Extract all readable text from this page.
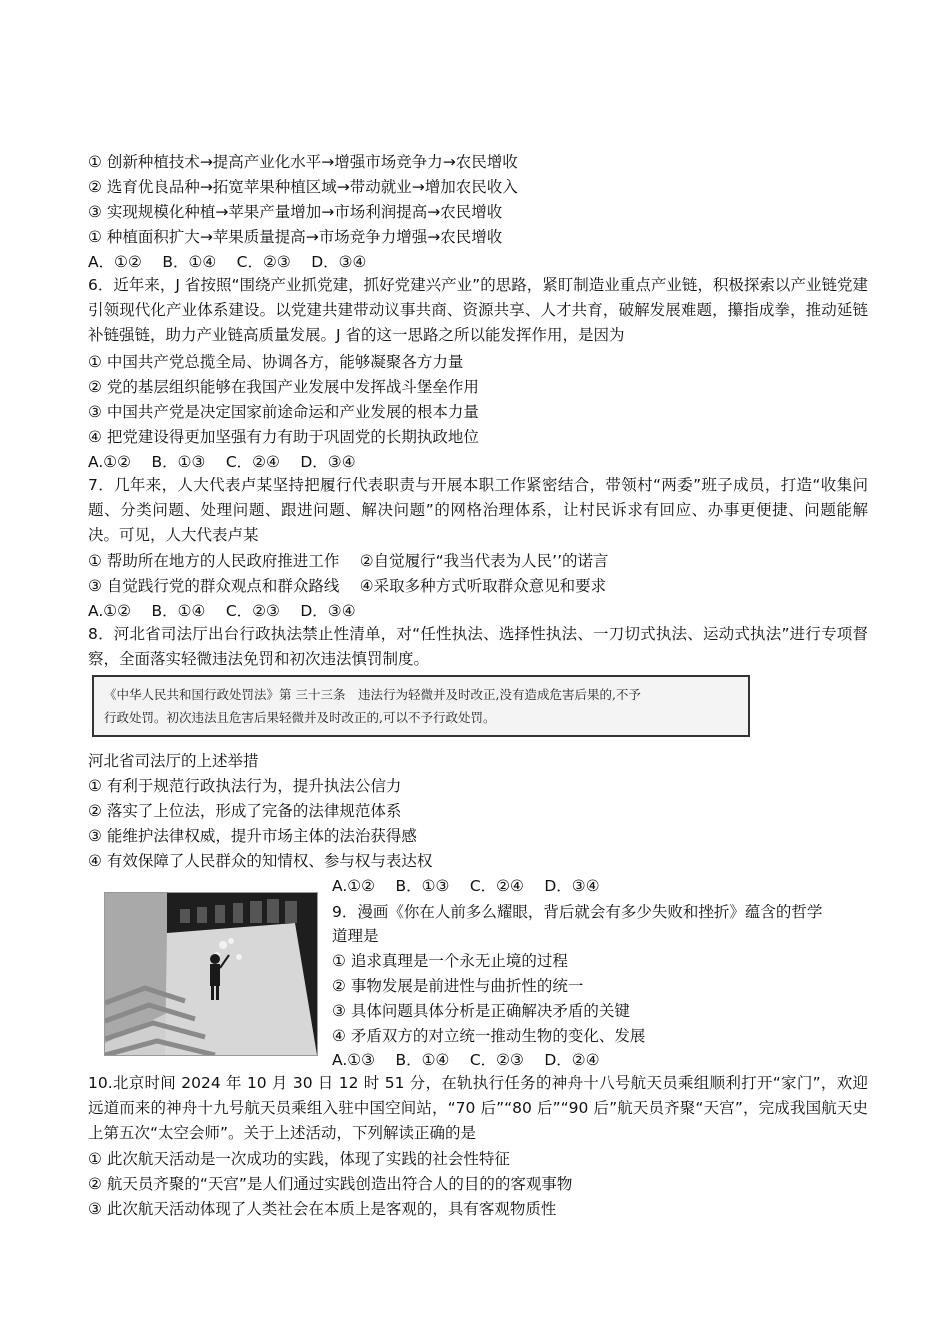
① 创新种植技术→提高产业化水平→增强市场竞争力→农民增收
② 选育优良品种→拓宽苹果种植区域→带动就业→增加农民收入
③ 实现规模化种植→苹果产量增加→市场利润提高→农民增收
① 种植面积扩大→苹果质量提高→市场竞争力增强→农民增收
A．①②　 B．①④　 C．②③　 D．③④
6．近年来，J 省按照“围绕产业抓党建，抓好党建兴产业”的思路，紧盯制造业重点产业链，积极探索以产业链党建引领现代化产业体系建设。以党建共建带动议事共商、资源共享、人才共育，破解发展难题，攥指成拳，推动延链补链强链，助力产业链高质量发展。J 省的这一思路之所以能发挥作用，是因为
① 中国共产党总揽全局、协调各方，能够凝聚各方力量
② 党的基层组织能够在我国产业发展中发挥战斗堡垒作用
③ 中国共产党是决定国家前途命运和产业发展的根本力量
④ 把党建设得更加坚强有力有助于巩固党的长期执政地位
A.①②　 B．①③　 C．②④　 D．③④
7．几年来，人大代表卢某坚持把履行代表职责与开展本职工作紧密结合，带领村“两委”班子成员，打造“收集问题、分类问题、处理问题、跟进问题、解决问题”的网格治理体系，让村民诉求有回应、办事更便捷、问题能解决。可见，人大代表卢某
① 帮助所在地方的人民政府推进工作　 ②自觉履行“我当代表为人民’’的诺言
③ 自觉践行党的群众观点和群众路线　 ④采取多种方式听取群众意见和要求
A.①②　 B．①④　 C．②③　 D．③④
8．河北省司法厅出台行政执法禁止性清单，对“任性执法、选择性执法、一刀切式执法、运动式执法”进行专项督察，全面落实轻微违法免罚和初次违法慎罚制度。
《中华人民共和国行政处罚法》第 三十三条　违法行为轻微并及时改正,没有造成危害后果的,不予
行政处罚。初次违法且危害后果轻微并及时改正的,可以不予行政处罚。
河北省司法厅的上述举措
① 有利于规范行政执法行为，提升执法公信力
② 落实了上位法，形成了完备的法律规范体系
③ 能维护法律权威，提升市场主体的法治获得感
④ 有效保障了人民群众的知情权、参与权与表达权
A.①②　 B．①③　 C．②④　 D．③④
9．漫画《你在人前多么耀眼，背后就会有多少失败和挫折》蕴含的哲学
道理是
① 追求真理是一个永无止境的过程
② 事物发展是前进性与曲折性的统一
③ 具体问题具体分析是正确解决矛盾的关键
④ 矛盾双方的对立统一推动生物的变化、发展
A.①③　 B．①④　 C．②③　 D．②④
10.北京时间 2024 年 10 月 30 日 12 时 51 分，在轨执行任务的神舟十八号航天员乘组顺利打开“家门”，欢迎远道而来的神舟十九号航天员乘组入驻中国空间站，“70 后”“80 后”“90 后”航天员齐聚“天宫”，完成我国航天史上第五次“太空会师”。关于上述活动，下列解读正确的是
① 此次航天活动是一次成功的实践，体现了实践的社会性特征
② 航天员齐聚的“天宫”是人们通过实践创造出符合人的目的的客观事物
③ 此次航天活动体现了人类社会在本质上是客观的，具有客观物质性
